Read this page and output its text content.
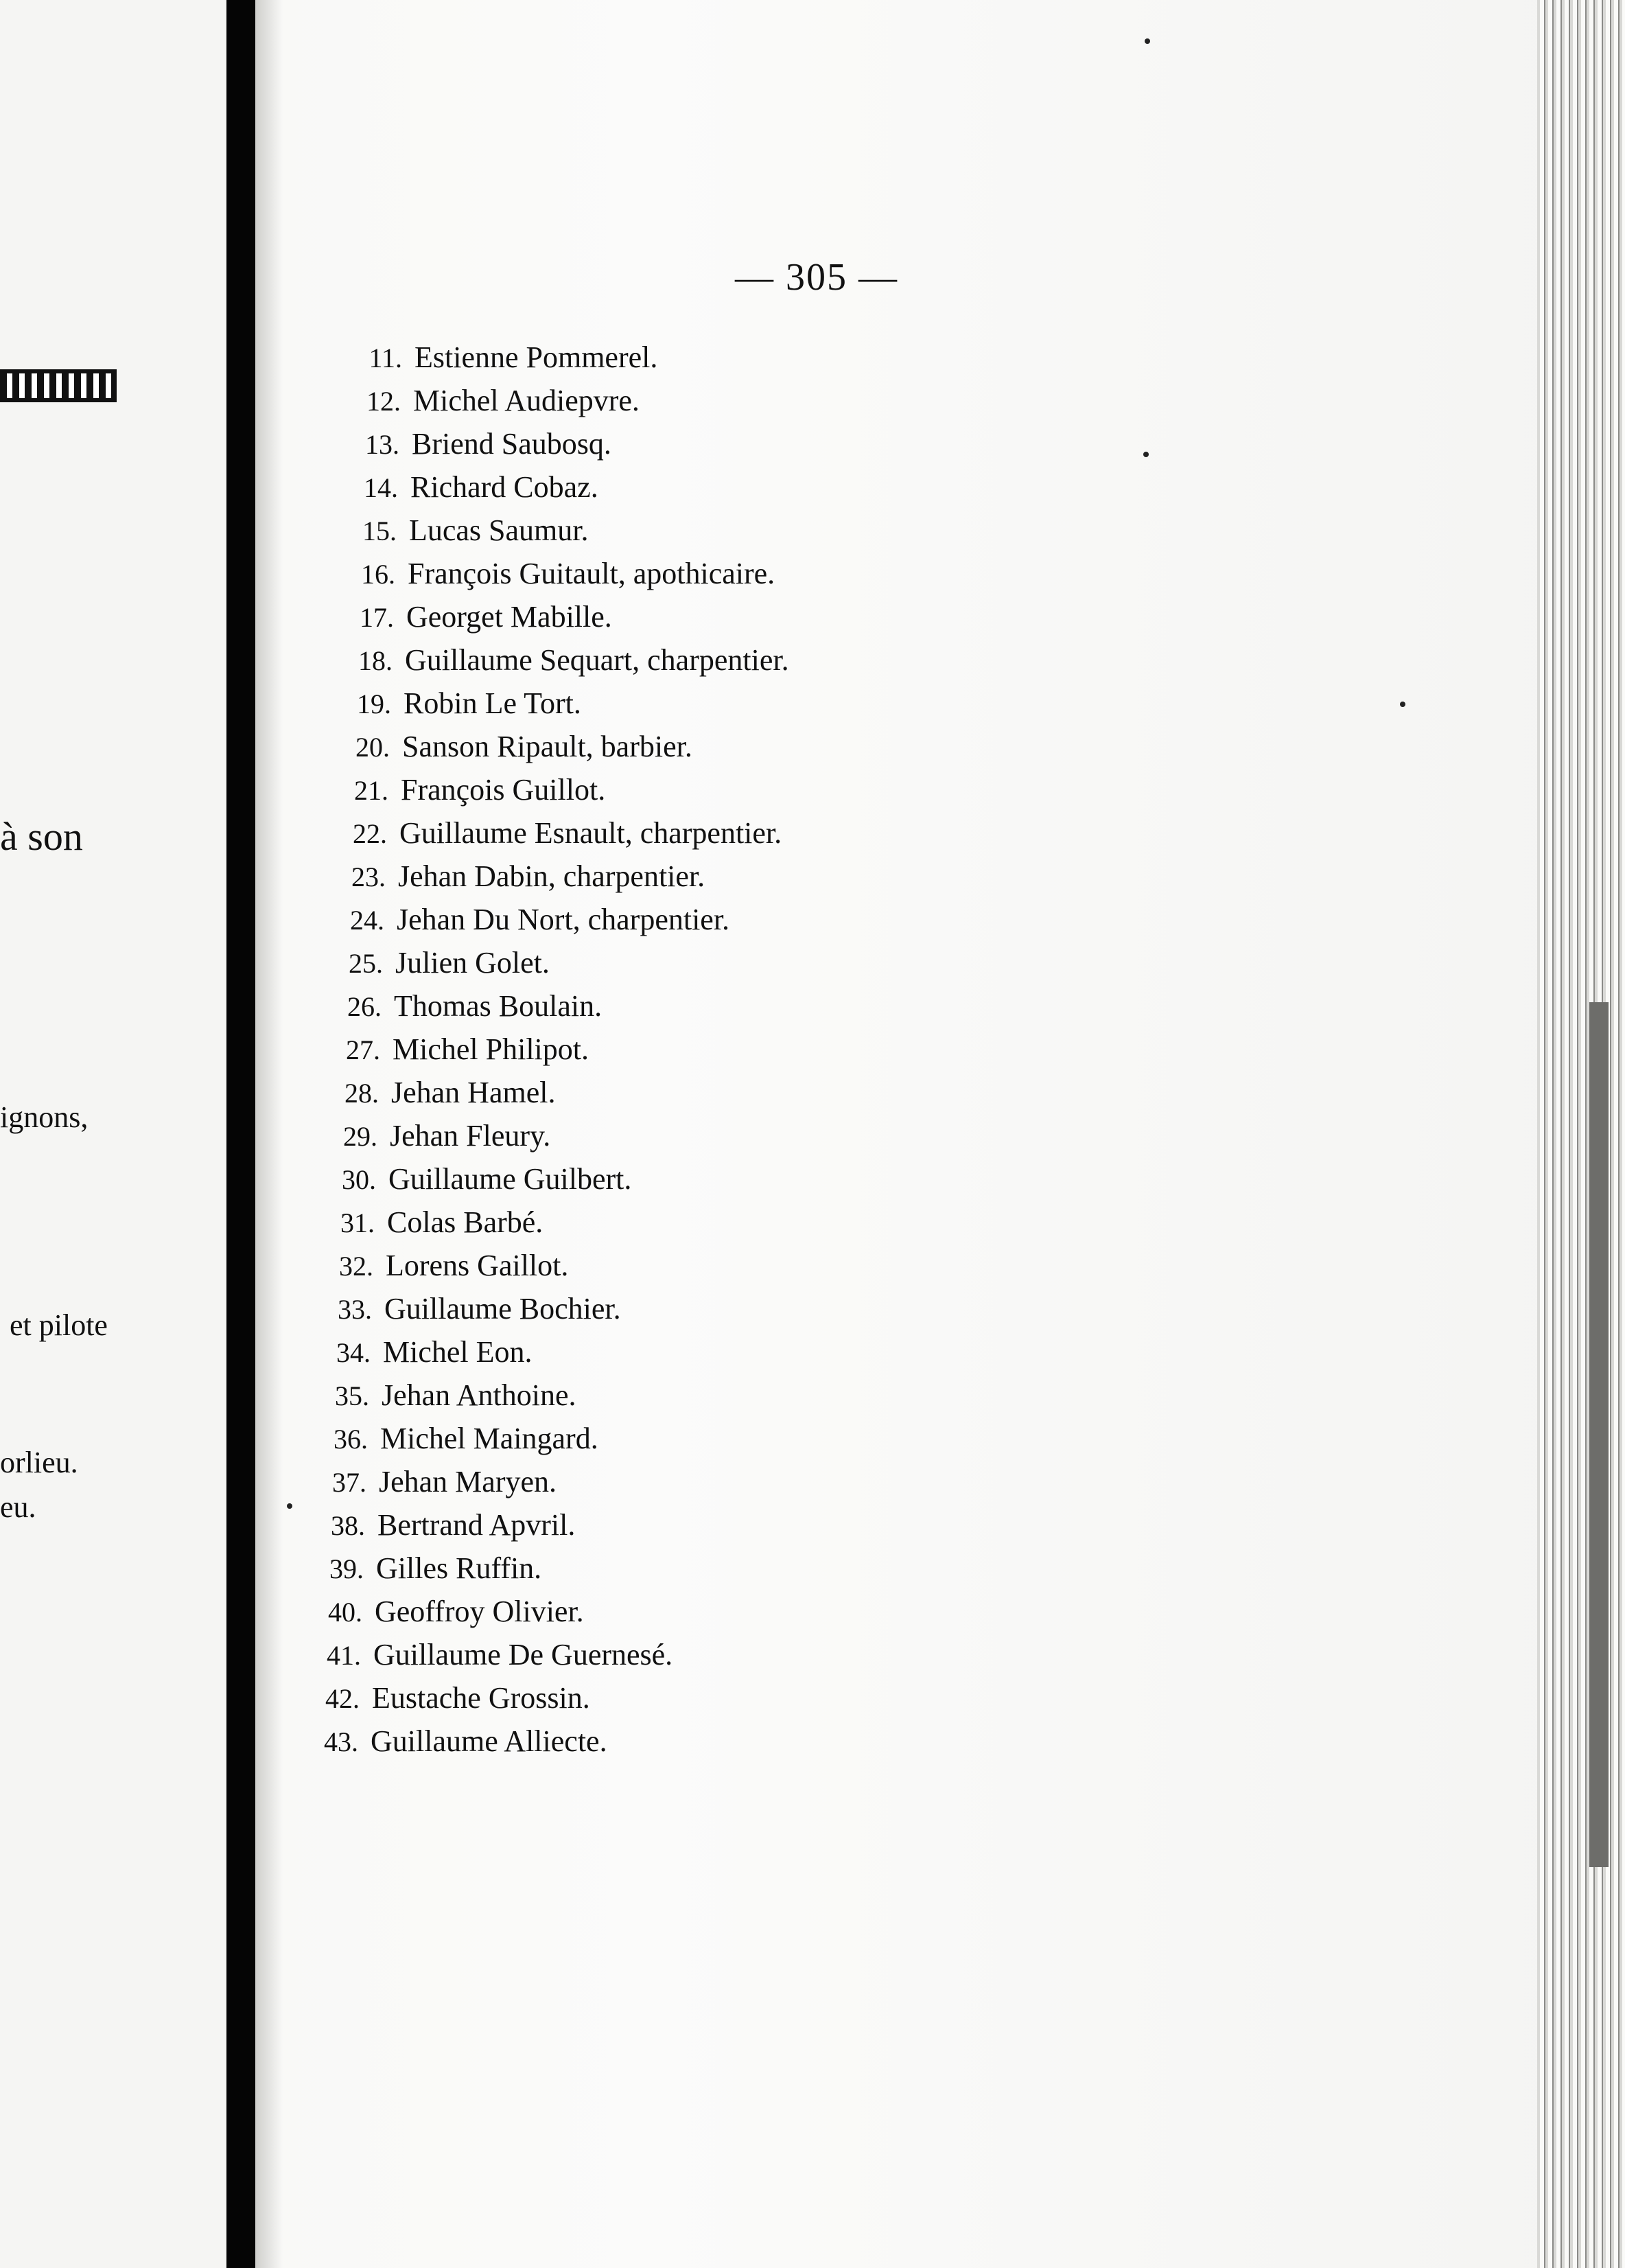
à son
ignons,
et pilote
orlieu.
eu.
— 305 —
11. Estienne Pommerel.
12. Michel Audiepvre.
13. Briend Saubosq.
14. Richard Cobaz.
15. Lucas Saumur.
16. François Guitault, apothicaire.
17. Georget Mabille.
18. Guillaume Sequart, charpentier.
19. Robin Le Tort.
20. Sanson Ripault, barbier.
21. François Guillot.
22. Guillaume Esnault, charpentier.
23. Jehan Dabin, charpentier.
24. Jehan Du Nort, charpentier.
25. Julien Golet.
26. Thomas Boulain.
27. Michel Philipot.
28. Jehan Hamel.
29. Jehan Fleury.
30. Guillaume Guilbert.
31. Colas Barbé.
32. Lorens Gaillot.
33. Guillaume Bochier.
34. Michel Eon.
35. Jehan Anthoine.
36. Michel Maingard.
37. Jehan Maryen.
38. Bertrand Apvril.
39. Gilles Ruffin.
40. Geoffroy Olivier.
41. Guillaume De Guernesé.
42. Eustache Grossin.
43. Guillaume Alliecte.
